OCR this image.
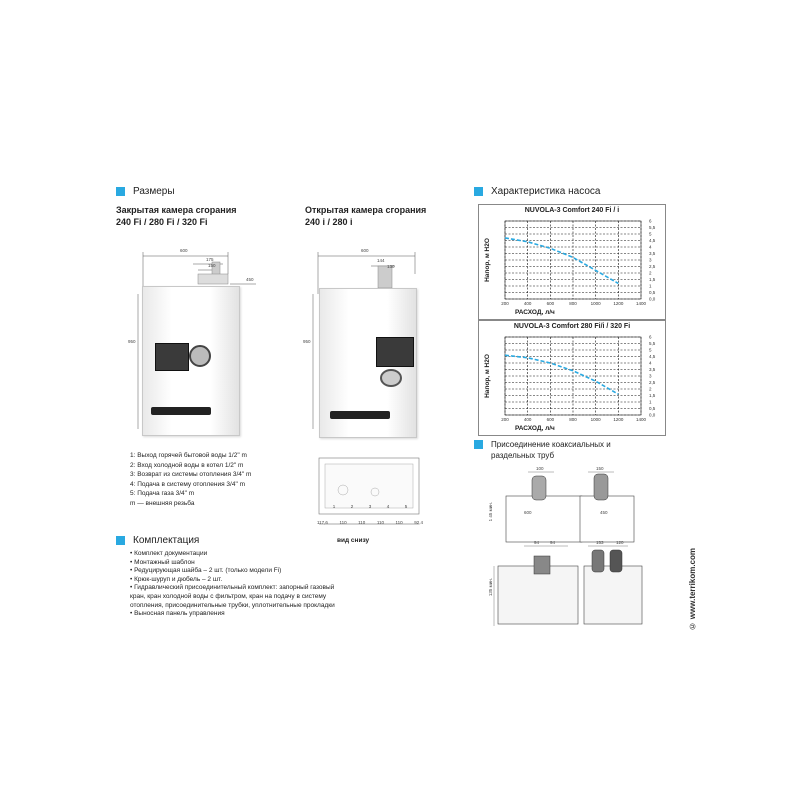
Размеры
Закрытая камера сгорания
240 Fi / 280 Fi / 320 Fi
Открытая камера сгорания
240 i / 280 i
600
175
150
450
950
600
144
130
950
1: Выход горячей бытовой воды 1/2" m
2: Вход холодной воды в котел 1/2" m
3: Возврат из системы отопления 3/4" m
4: Подача в систему отопления 3/4" m
5: Подача газа 3/4" m
m — внешняя резьба	1	2	3	4	5
117,6	110	110	110	110	92,4
вид снизу
Комплектация
• Комплект документации
• Монтажный шаблон
• Редуцирующая шайба – 2 шт. (только модели Fi)
• Крюк-шуруп и дюбель – 2 шт.
• Гидравлический присоединительный комплект: запорный газовый
кран, кран холодной воды с фильтром, кран на подачу в систему
отопления, присоединительные трубки, уплотнительные прокладки
• Выносная панель управления
Характеристика насоса
NUVOLA-3 Comfort 240 Fi / i
0,0
0,5
1
1,5
2
2,5
3
3,5
4
4,5
5
5,5
6
200	400	600	800	1000	1200	1400
Напор, м H2O
РАСХОД, л/ч
NUVOLA-3 Comfort 280 Fi/i / 320 Fi
0,0
0,5
1
1,5
2
2,5
3
3,5
4
4,5
5
5,5
6
200	400	600	800	1000	1200	1400
Напор, м H2O
РАСХОД, л/ч
Присоединение коаксиальных и раздельных труб
100	150
1 45 мин.	600	450
94 94	153	120
135 мин.	© www.terrikom.com
